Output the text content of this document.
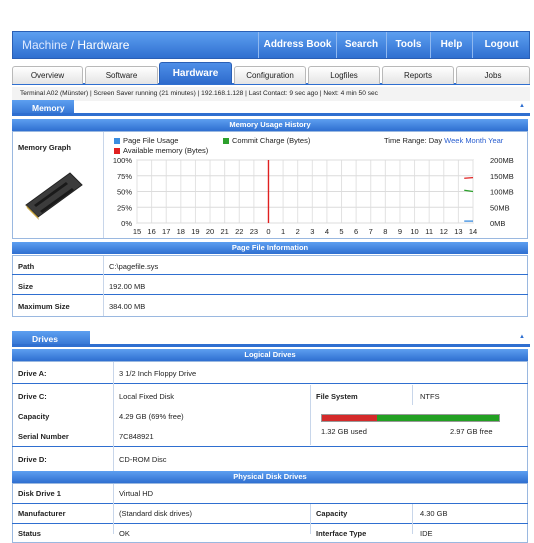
Machine / Hardware	Address Book	Search	Tools	Help	Logout
Overview	Software	Hardware	Configuration	Logfiles	Reports	Jobs
Terminal A02 (Münster) | Screen Saver running (21 minutes) | 192.168.1.128 | Last Contact: 9 sec ago | Next: 4 min 50 sec
Memory	▲
Memory Usage History
Memory Graph
Page File Usage	Commit Charge (Bytes)
Available memory (Bytes)
Time Range: Day Week Month Year
15 16 17 18 19 20 21 22 23 0 1 2 3 4 5 6 7 8 9 10 11 12 13 14
100%
75%
50%
25%
0%
200MB
150MB
100MB
50MB
0MB
Page File Information
Path	C:\pagefile.sys
Size	192.00 MB
Maximum Size	384.00 MB
Drives	▲
Logical Drives
Drive A:	3 1/2 Inch Floppy Drive
Drive C:	Local Fixed Disk	File System	NTFS
Capacity	4.29 GB (69% free)
Serial Number	7C848921
1.32 GB used	2.97 GB free
Drive D:	CD-ROM Disc
Physical Disk Drives
Disk Drive 1	Virtual HD
Manufacturer	(Standard disk drives)	Capacity	4.30 GB
Status	OK	Interface Type	IDE
